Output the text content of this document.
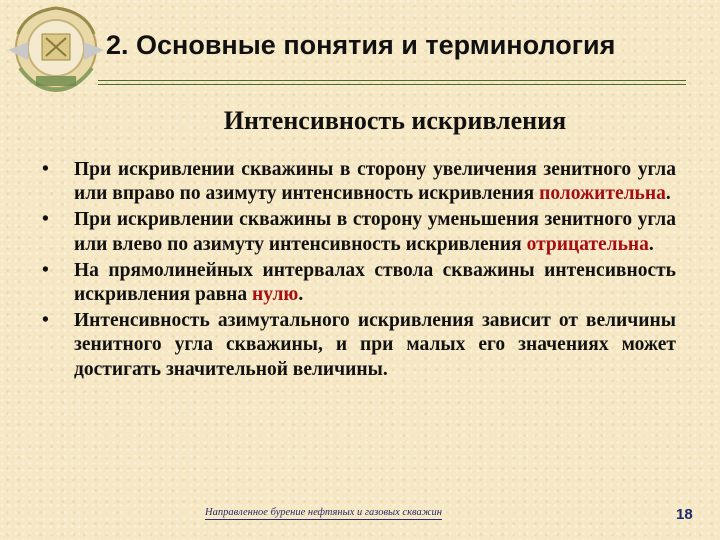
2. Основные понятия и терминология
Интенсивность искривления
• При искривлении скважины в сторону увеличения зенитного угла или вправо по азимуту интенсивность искривления положительна.
• При искривлении скважины в сторону уменьшения зенитного угла или влево по азимуту интенсивность искривления отрицательна.
• На прямолинейных интервалах ствола скважины интенсивность искривления равна нулю.
• Интенсивность азимутального искривления зависит от величины зенитного угла скважины, и при малых его значениях может достигать значительной величины.
Направленное бурение нефтяных и газовых скважин	18
